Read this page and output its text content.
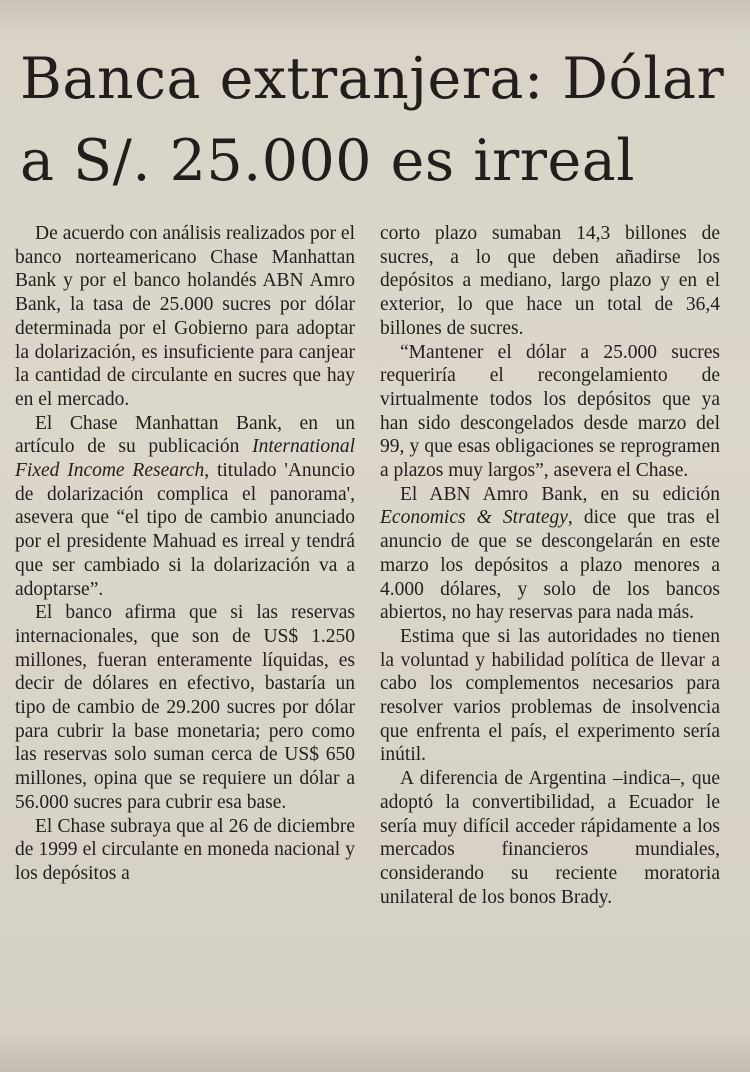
Banca extranjera: Dólar a S/. 25.000 es irreal

De acuerdo con análisis realizados por el banco norteamericano Chase Manhattan Bank y por el banco holandés ABN Amro Bank, la tasa de 25.000 sucres por dólar determinada por el Gobierno para adoptar la dolarización, es insuficiente para canjear la cantidad de circulante en sucres que hay en el mercado.

El Chase Manhattan Bank, en un artículo de su publicación International Fixed Income Research, titulado 'Anuncio de dolarización complica el panorama', asevera que “el tipo de cambio anunciado por el presidente Mahuad es irreal y tendrá que ser cambiado si la dolarización va a adoptarse”.

El banco afirma que si las reservas internacionales, que son de US$ 1.250 millones, fueran enteramente líquidas, es decir de dólares en efectivo, bastaría un tipo de cambio de 29.200 sucres por dólar para cubrir la base monetaria; pero como las reservas solo suman cerca de US$ 650 millones, opina que se requiere un dólar a 56.000 sucres para cubrir esa base.

El Chase subraya que al 26 de diciembre de 1999 el circulante en moneda nacional y los depósitos a

corto plazo sumaban 14,3 billones de sucres, a lo que deben añadirse los depósitos a mediano, largo plazo y en el exterior, lo que hace un total de 36,4 billones de sucres.

“Mantener el dólar a 25.000 sucres requeriría el recongelamiento de virtualmente todos los depósitos que ya han sido descongelados desde marzo del 99, y que esas obligaciones se reprogramen a plazos muy largos”, asevera el Chase.

El ABN Amro Bank, en su edición Economics & Strategy, dice que tras el anuncio de que se descongelarán en este marzo los depósitos a plazo menores a 4.000 dólares, y solo de los bancos abiertos, no hay reservas para nada más.

Estima que si las autoridades no tienen la voluntad y habilidad política de llevar a cabo los complementos necesarios para resolver varios problemas de insolvencia que enfrenta el país, el experimento sería inútil.

A diferencia de Argentina –indica–, que adoptó la convertibilidad, a Ecuador le sería muy difícil acceder rápidamente a los mercados financieros mundiales, considerando su reciente moratoria unilateral de los bonos Brady.
